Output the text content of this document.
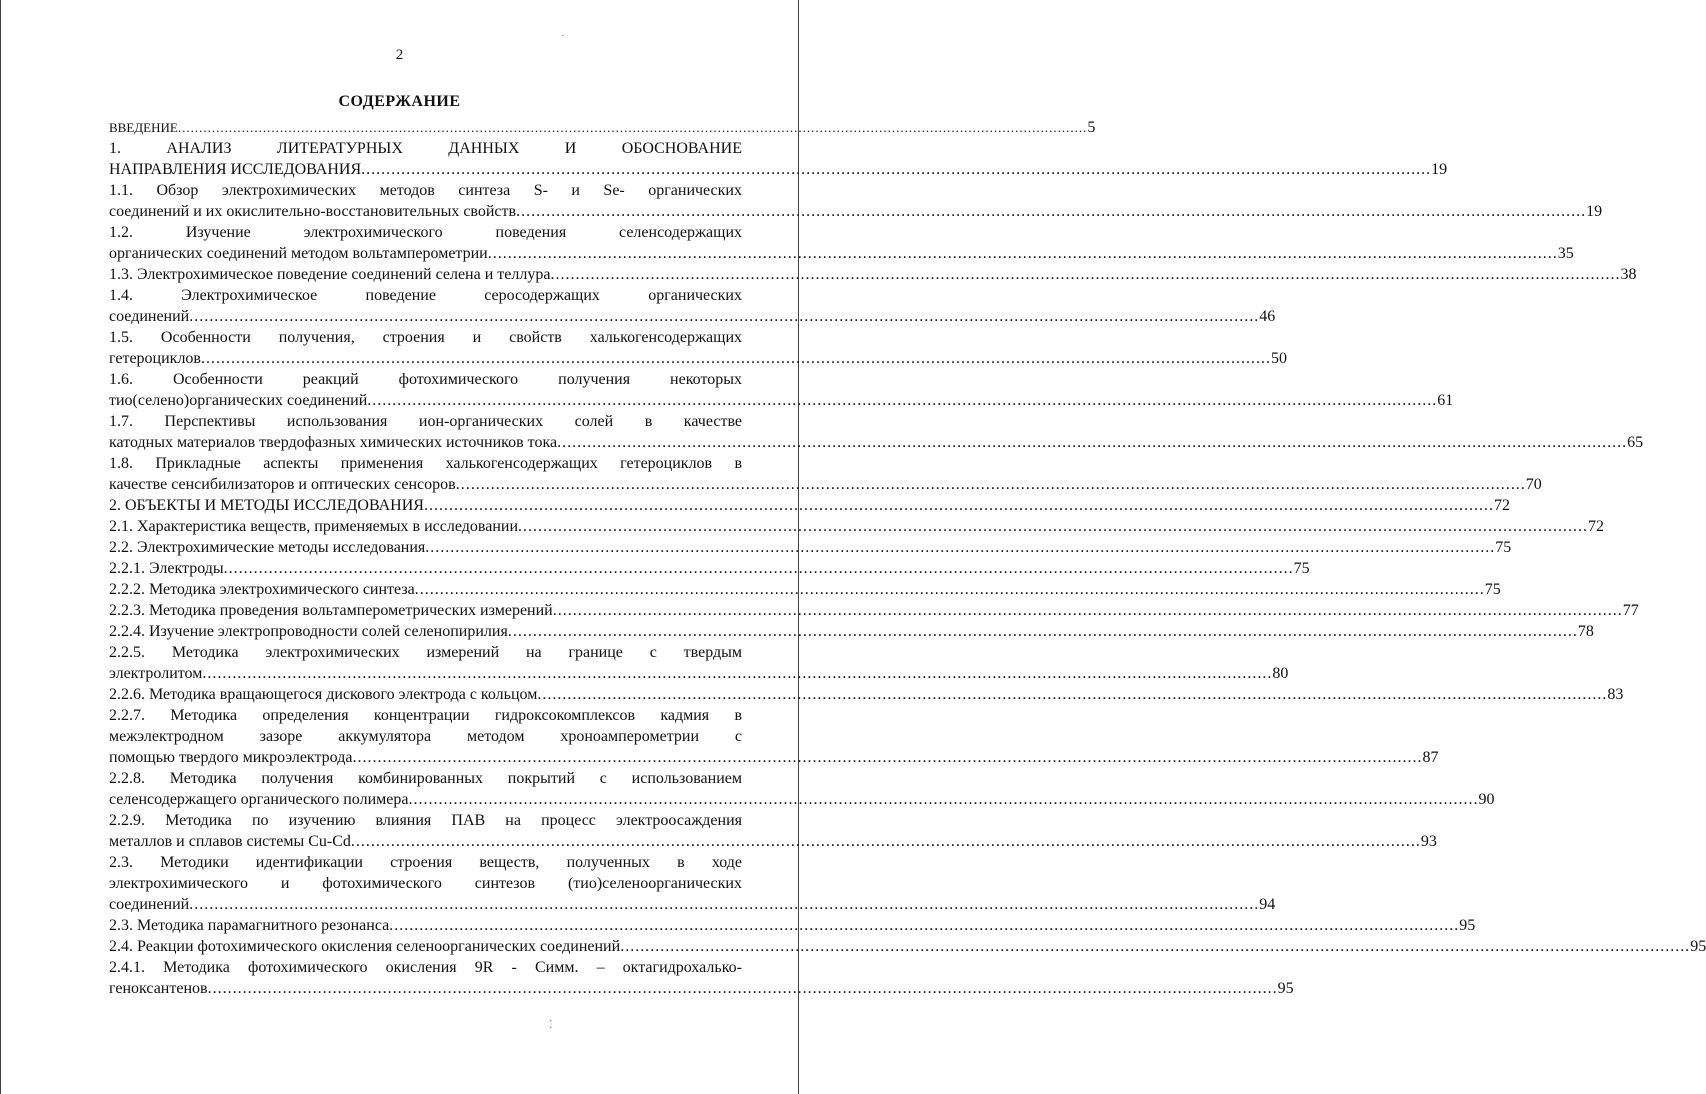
2
СОДЕРЖАНИЕ
ВВЕДЕНИЕ .....	5
1. АНАЛИЗ ЛИТЕРАТУРНЫХ ДАННЫХ И ОБОСНОВАНИЕ
НАПРАВЛЕНИЯ ИССЛЕДОВАНИЯ .....	19
1.1. Обзор электрохимических методов синтеза S- и Se- органических
соединений и их окислительно-восстановительных свойств .....	19
1.2. Изучение электрохимического поведения селенсодержащих
органических соединений методом вольтамперометрии .....	35
1.3. Электрохимическое поведение соединений селена и теллура .....	38
1.4. Электрохимическое поведение серосодержащих органических
соединений .....	46
1.5. Особенности получения, строения и свойств халькогенсодержащих
гетероциклов .....	50
1.6. Особенности реакций фотохимического получения некоторых
тио(селено)органических соединений .....	61
1.7. Перспективы использования ион-органических солей в качестве
катодных материалов твердофазных химических источников тока .....	65
1.8. Прикладные аспекты применения халькогенсодержащих гетероциклов в
качестве сенсибилизаторов и оптических сенсоров .....	70
2. ОБЪЕКТЫ И МЕТОДЫ ИССЛЕДОВАНИЯ .....	72
2.1. Характеристика веществ, применяемых в исследовании .....	72
2.2. Электрохимические методы исследования .....	75
2.2.1. Электроды .....	75
2.2.2. Методика электрохимического синтеза .....	75
2.2.3. Методика проведения вольтамперометрических измерений .....	77
2.2.4. Изучение электропроводности солей селенопирилия .....	78
2.2.5. Методика электрохимических измерений на границе с твердым
электролитом .....	80
2.2.6. Методика вращающегося дискового электрода с кольцом .....	83
2.2.7. Методика определения концентрации гидроксокомплексов кадмия в
межэлектродном зазоре аккумулятора методом хроноамперометрии с
помощью твердого микроэлектрода .....	87
2.2.8. Методика получения комбинированных покрытий с использованием
селенсодержащего органического полимера .....	90
2.2.9. Методика по изучению влияния ПАВ на процесс электроосаждения
металлов и сплавов системы Cu-Cd .....	93
2.3. Методики идентификации строения веществ, полученных в ходе
электрохимического и фотохимического синтезов (тио)селеноорганических
соединений .....	94
2.3. Методика парамагнитного резонанса .....	95
2.4. Реакции фотохимического окисления селеноорганических соединений .....	95
2.4.1. Методика фотохимического окисления 9R - Симм. – октагидрохалько-
геноксантенов .....	95
·
⁚
